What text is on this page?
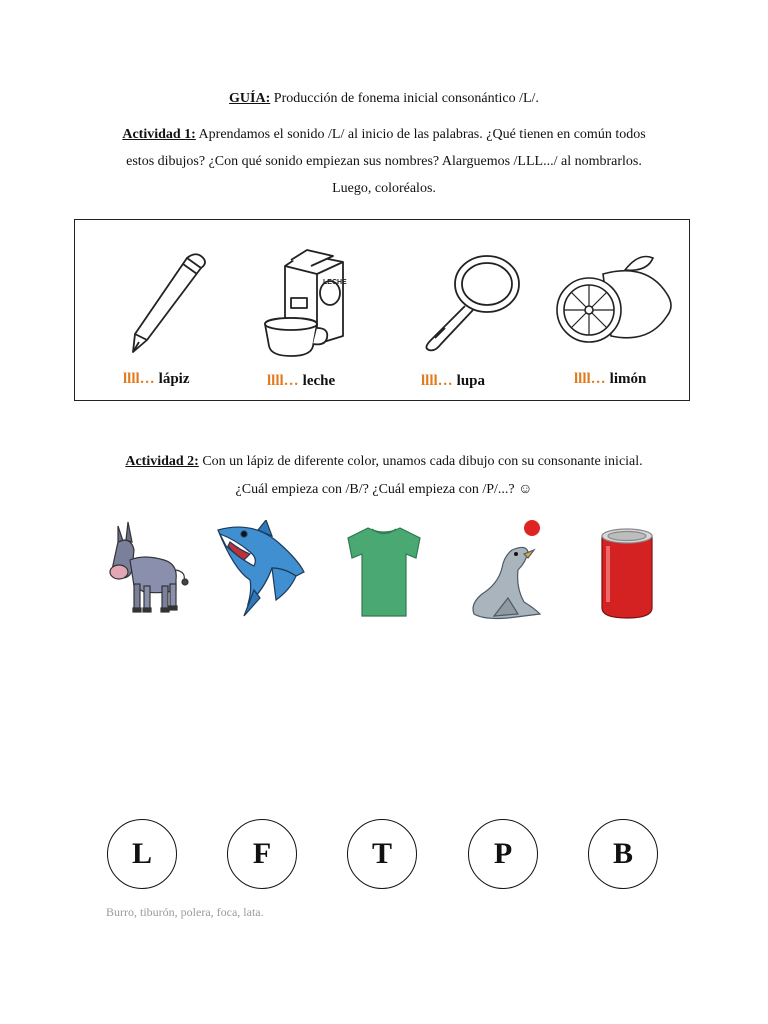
GUÍA: Producción de fonema inicial consonántico /L/.
Actividad 1: Aprendamos el sonido /L/ al inicio de las palabras. ¿Qué tienen en común todos
estos dibujos? ¿Con qué sonido empiezan sus nombres? Alarguemos /LLL.../ al nombrarlos.
Luego, coloréalos.
LECHE
llll… lápiz	llll… leche	llll… lupa	llll… limón
Actividad 2: Con un lápiz de diferente color, unamos cada dibujo con su consonante inicial.
¿Cuál empieza con /B/? ¿Cuál empieza con /P/...? ☺
L	F	T	P	B
Burro, tiburón, polera, foca, lata.
